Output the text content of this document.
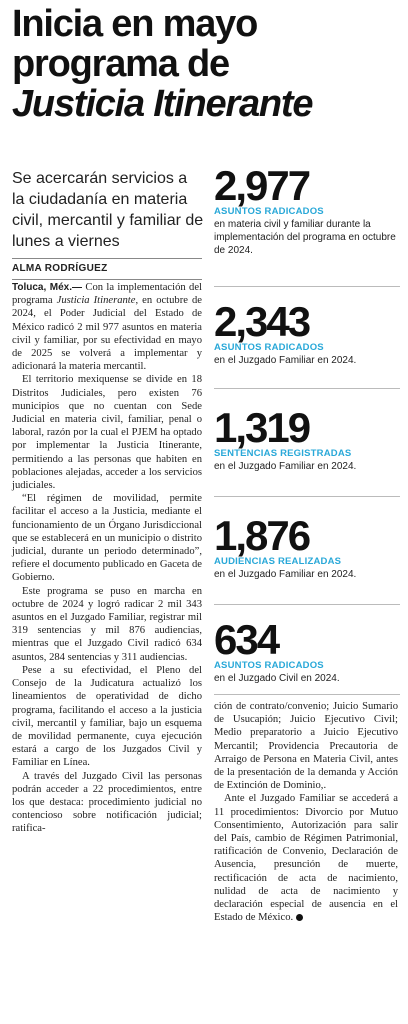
Inicia en mayo
programa de
Justicia Itinerante
Se acercarán servicios a la ciudadanía en materia civil, mercantil y familiar de lunes a viernes
ALMA RODRÍGUEZ
2,977
ASUNTOS RADICADOS
en materia civil y familiar durante la implementación del programa en octubre de 2024.
2,343
ASUNTOS RADICADOS
en el Juzgado Familiar en 2024.
1,319
SENTENCIAS REGISTRADAS
en el Juzgado Familiar en 2024.
1,876
AUDIENCIAS REALIZADAS
en el Juzgado Familiar en 2024.
634
ASUNTOS RADICADOS
en el Juzgado Civil en 2024.

Toluca, Méx.— Con la implementación del programa Justicia Itinerante, en octubre de 2024, el Poder Judicial del Estado de México radicó 2 mil 977 asuntos en materia civil y familiar, por su efectividad en mayo de 2025 se volverá a implementar y adicionará la materia mercantil.

El territorio mexiquense se divide en 18 Distritos Judiciales, pero existen 76 municipios que no cuentan con Sede Judicial en materia civil, familiar, penal o laboral, razón por la cual el PJEM ha optado por implementar la Justicia Itinerante, permitiendo a las personas que habiten en poblaciones alejadas, acceder a los servicios judiciales.

“El régimen de movilidad, permite facilitar el acceso a la Justicia, mediante el funcionamiento de un Órgano Jurisdiccional que se establecerá en un municipio o distrito judicial, durante un periodo determinado”, refiere el documento publicado en Gaceta de Gobierno.

Este programa se puso en marcha en octubre de 2024 y logró radicar 2 mil 343 asuntos en el Juzgado Familiar, registrar mil 319 sentencias y mil 876 audiencias, mientras que el Juzgado Civil radicó 634 asuntos, 284 sentencias y 311 audiencias.

Pese a su efectividad, el Pleno del Consejo de la Judicatura actualizó los lineamientos de operatividad de dicho programa, facilitando el acceso a la justicia civil, mercantil y familiar, bajo un esquema de movilidad permanente, cuya ejecución estará a cargo de los Juzgados Civil y Familiar en Línea.

A través del Juzgado Civil las personas podrán acceder a 22 procedimientos, entre los que destaca: procedimiento judicial no contencioso sobre notificación judicial; ratifica-

ción de contrato/convenio; Juicio Sumario de Usucapión; Juicio Ejecutivo Civil; Medio preparatorio a Juicio Ejecutivo Mercantil; Providencia Precautoria de Arraigo de Persona en Materia Civil, antes de la presentación de la demanda y Acción de Extinción de Dominio,.

Ante el Juzgado Familiar se accederá a 11 procedimientos: Divorcio por Mutuo Consentimiento, Autorización para salir del País, cambio de Régimen Patrimonial, ratificación de Convenio, Declaración de Ausencia, presunción de muerte, rectificación de acta de nacimiento, nulidad de acta de nacimiento y declaración especial de ausencia en el Estado de México.
